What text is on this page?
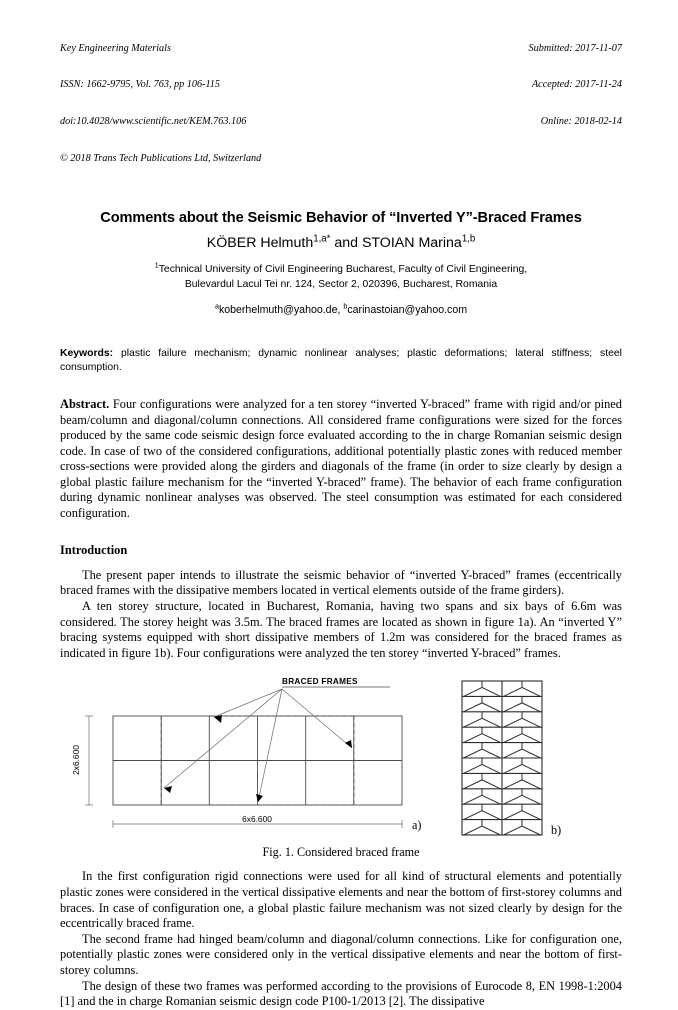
Key Engineering Materials

ISSN: 1662-9795, Vol. 763, pp 106-115

doi:10.4028/www.scientific.net/KEM.763.106

© 2018 Trans Tech Publications Ltd, Switzerland

Submitted: 2017-11-07

Accepted: 2017-11-24

Online: 2018-02-14

Comments about the Seismic Behavior of “Inverted Y”-Braced Frames
KÖBER Helmuth$^{1,a*}$ and STOIAN Marina$^{1,b}$
$^1$Technical University of Civil Engineering Bucharest, Faculty of Civil Engineering,
Bulevardul Lacul Tei nr. 124, Sector 2, 020396, Bucharest, Romania
$^a$koberhelmuth@yahoo.de, $^b$carinastoian@yahoo.com
Keywords: plastic failure mechanism; dynamic nonlinear analyses; plastic deformations; lateral stiffness; steel consumption.
Abstract. Four configurations were analyzed for a ten storey “inverted Y-braced” frame with rigid and/or pined beam/column and diagonal/column connections. All considered frame configurations were sized for the forces produced by the same code seismic design force evaluated according to the in charge Romanian seismic design code. In case of two of the considered configurations, additional potentially plastic zones with reduced member cross-sections were provided along the girders and diagonals of the frame (in order to size clearly by design a global plastic failure mechanism for the “inverted Y-braced” frame). The behavior of each frame configuration during dynamic nonlinear analyses was observed. The steel consumption was estimated for each considered configuration.
Introduction

The present paper intends to illustrate the seismic behavior of “inverted Y-braced” frames (eccentrically braced frames with the dissipative members located in vertical elements outside of the frame girders).

A ten storey structure, located in Bucharest, Romania, having two spans and six bays of 6.6m was considered. The storey height was 3.5m. The braced frames are located as shown in figure 1a). An “inverted Y” bracing systems equipped with short dissipative members of 1.2m was considered for the braced frames as indicated in figure 1b). Four configurations were analyzed the ten storey “inverted Y-braced” frames.

BRACED FRAMES
2x6.600
6x6.600	a)	b)
Fig. 1. Considered braced frame

In the first configuration rigid connections were used for all kind of structural elements and potentially plastic zones were considered in the vertical dissipative elements and near the bottom of first-storey columns and braces. In case of configuration one, a global plastic failure mechanism was not sized clearly by design for the eccentrically braced frame.

The second frame had hinged beam/column and diagonal/column connections. Like for configuration one, potentially plastic zones were considered only in the vertical dissipative elements and near the bottom of first-storey columns.

The design of these two frames was performed according to the provisions of Eurocode 8, EN 1998-1:2004 [1] and the in charge Romanian seismic design code P100-1/2013 [2]. The dissipative
